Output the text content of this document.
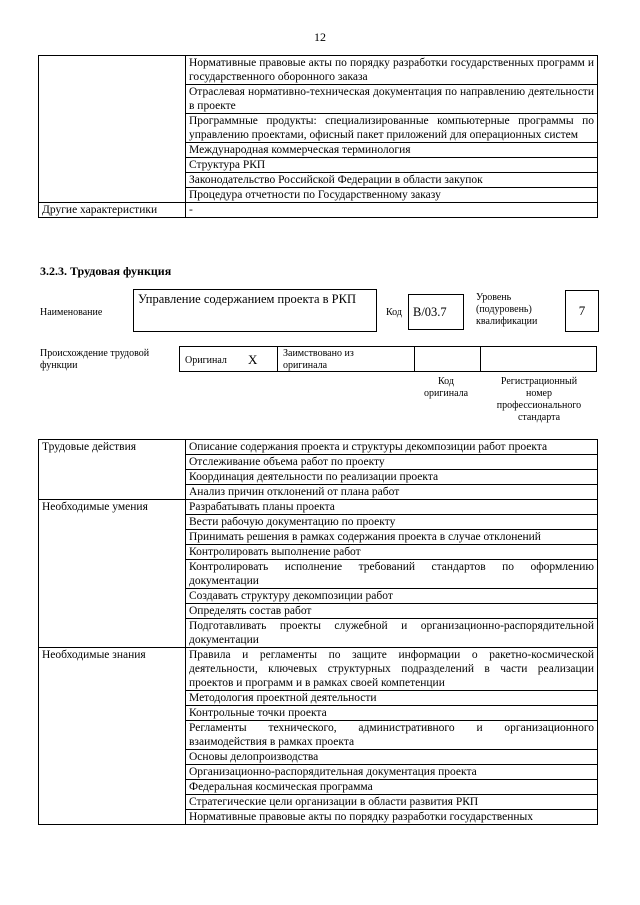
12
	Нормативные правовые акты по порядку разработки государственных программ и государственного оборонного заказа
	Отраслевая нормативно-техническая документация по направлению деятельности в проекте
	Программные продукты: специализированные компьютерные программы по управлению проектами, офисный пакет приложений для операционных систем
	Международная коммерческая терминология
	Структура РКП
	Законодательство Российской Федерации в области закупок
	Процедура отчетности по Государственному заказу
Другие характеристики	-
3.2.3. Трудовая функция
Наименование
Управление содержанием проекта в РКП
Код B/03.7
Уровень
(подуровень)
квалификации
7
Происхождение трудовой
функции	Оригинал X	Заимствовано из
оригинала
Код
оригинала
Регистрационный
номер
профессионального
стандарта
Трудовые действия	Описание содержания проекта и структуры декомпозиции работ проекта
	Отслеживание объема работ по проекту
	Координация деятельности по реализации проекта
	Анализ причин отклонений от плана работ
Необходимые умения	Разрабатывать планы проекта
	Вести рабочую документацию по проекту
	Принимать решения в рамках содержания проекта в случае отклонений
	Контролировать выполнение работ
	Контролировать исполнение требований стандартов по оформлению документации
	Создавать структуру декомпозиции работ
	Определять состав работ
	Подготавливать проекты служебной и организационно-распорядительной документации
Необходимые знания	Правила и регламенты по защите информации о ракетно-космической деятельности, ключевых структурных подразделений в части реализации проектов и программ и в рамках своей компетенции
	Методология проектной деятельности
	Контрольные точки проекта
	Регламенты технического, административного и организационного взаимодействия в рамках проекта
	Основы делопроизводства
	Организационно-распорядительная документация проекта
	Федеральная космическая программа
	Стратегические цели организации в области развития РКП
	Нормативные правовые акты по порядку разработки государственных
